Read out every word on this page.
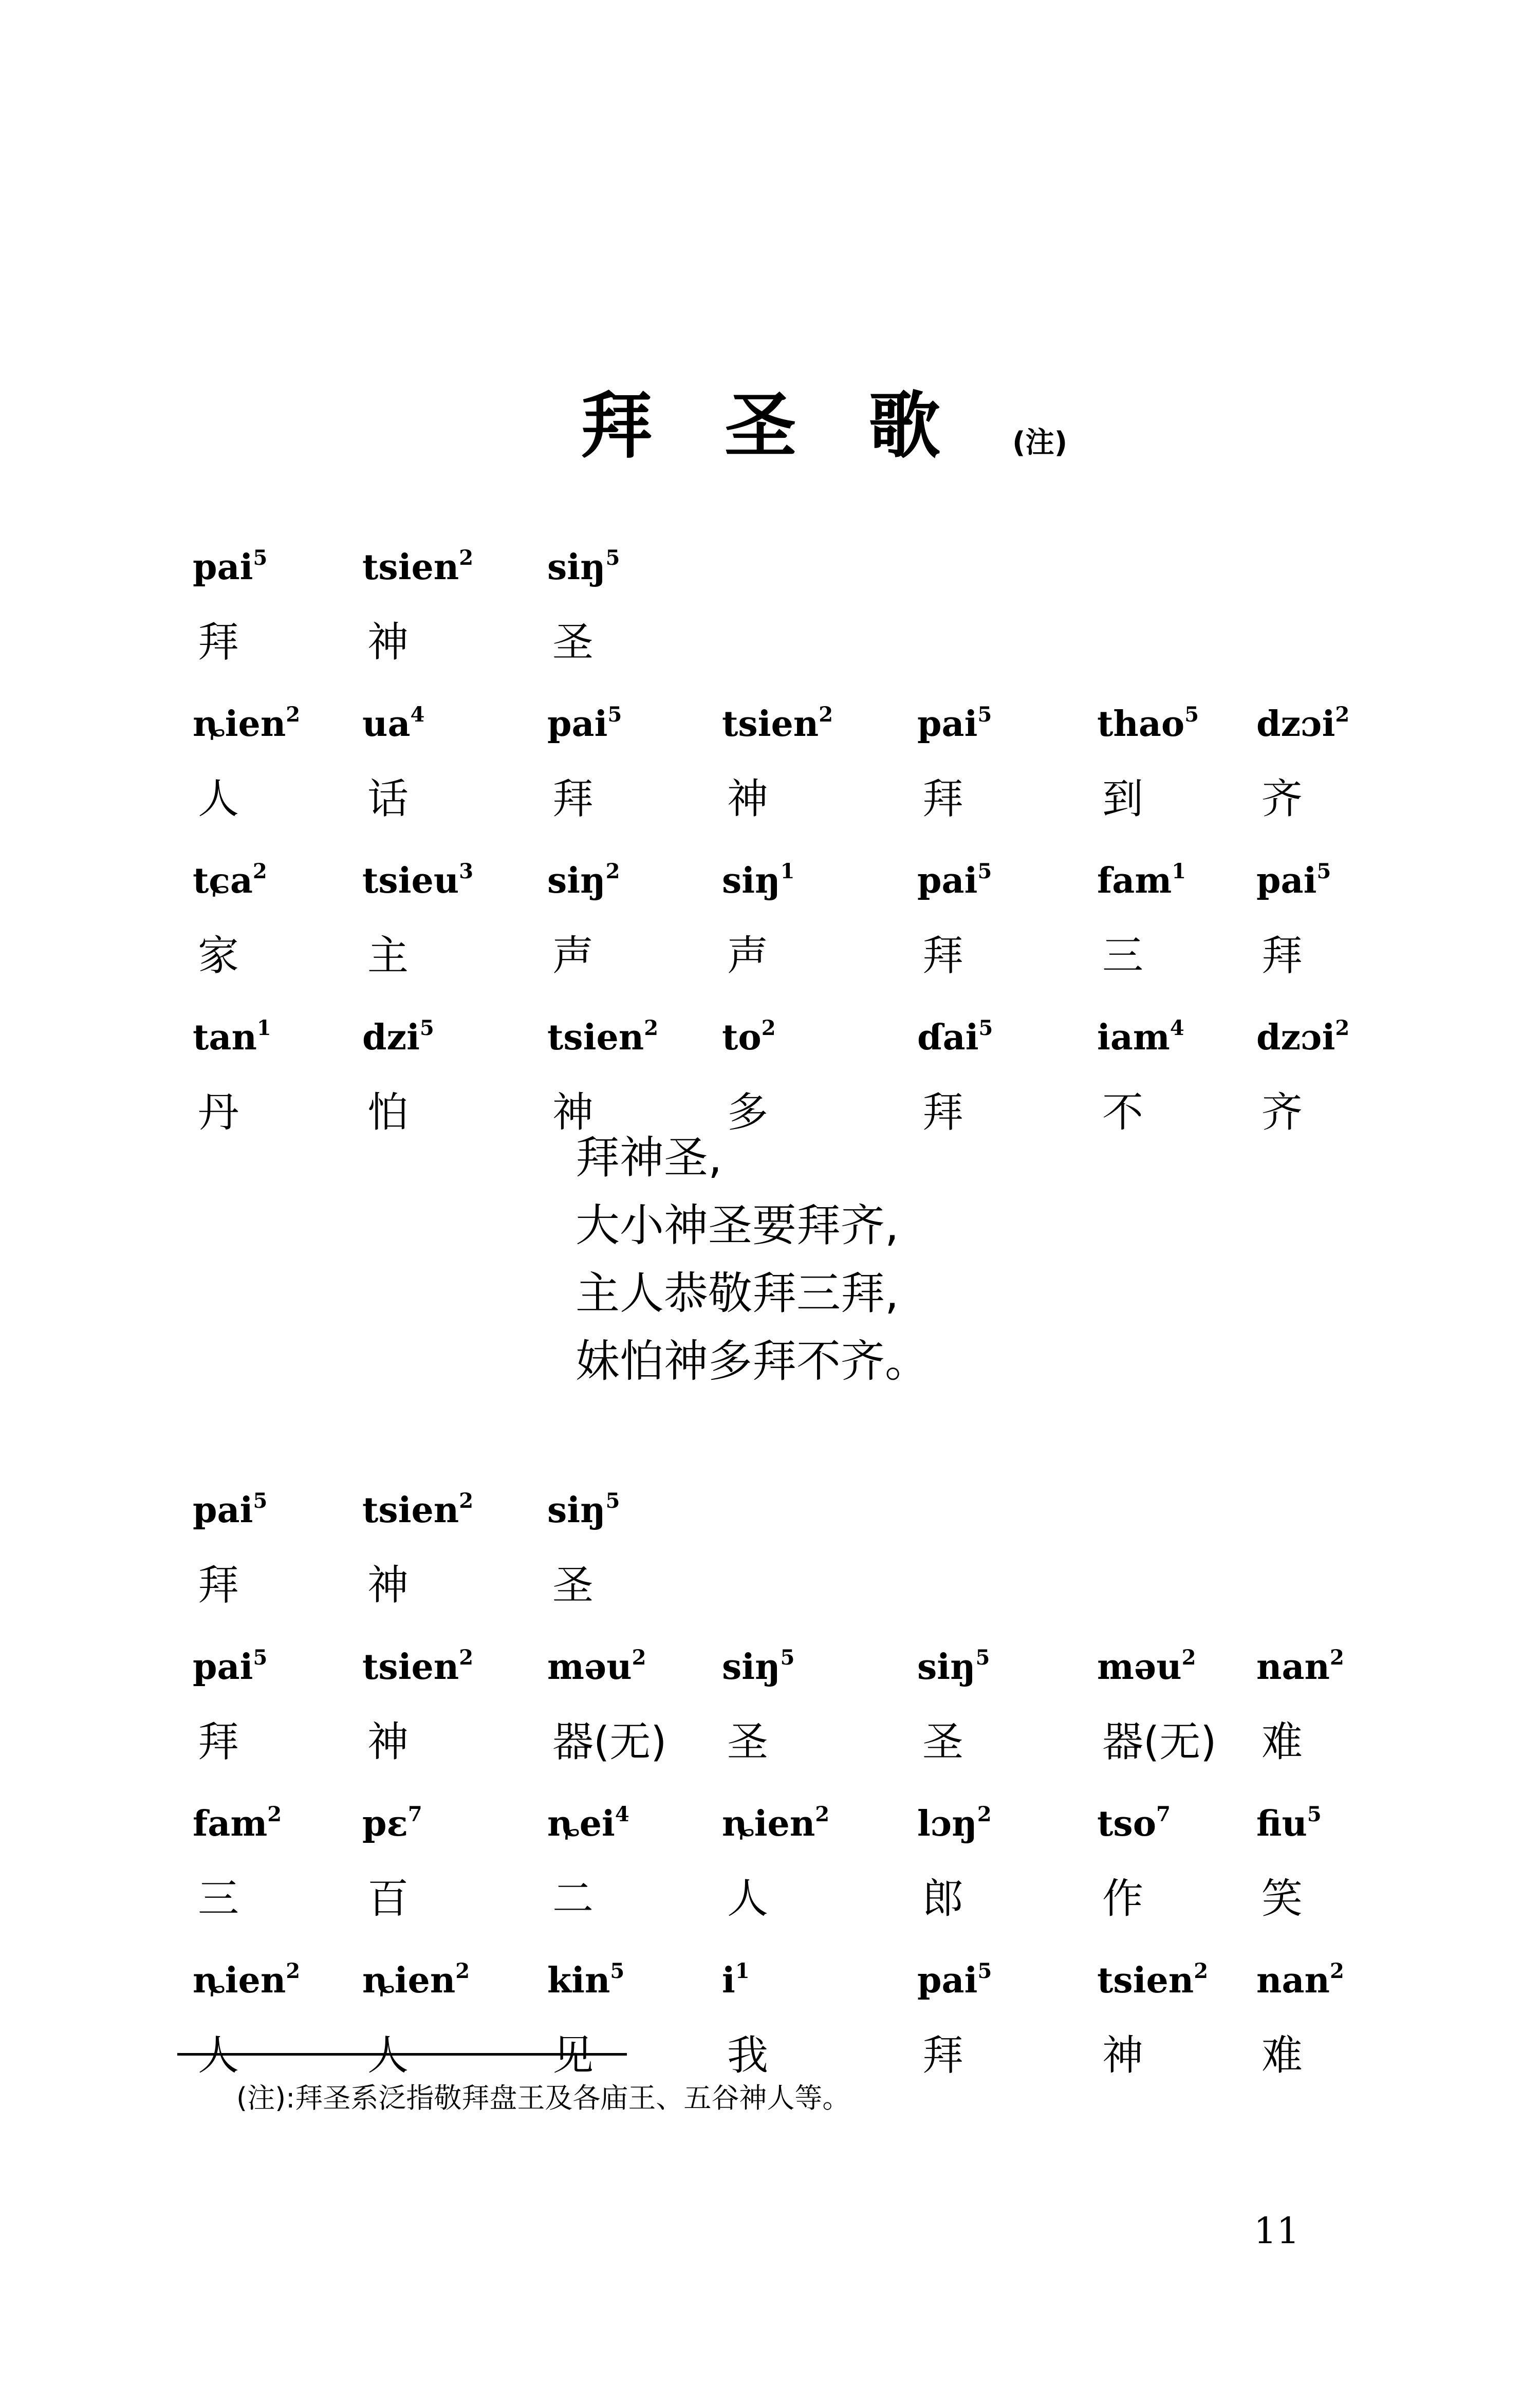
拜 圣 歌	(注)
pai$^5$
拜
tsien$^2$
神
siŋ$^5$
圣
ȵien$^2$
人
$ua^4$
话
pai$^5$
拜
tsien$^2$
神
pai$^5$
拜
thao$^5$
到
dzɔi$^2$
齐
tɕa$^2$
家
tsieu$^3$
主
siŋ$^2$
声
siŋ$^1$
声
pai$^5$
拜
fam$^1$
三
pai$^5$
拜
$\tan^1$
丹
dzi$^5$
怕
tsien$^2$
神
$to^2$
多
ɗai$^5$
拜
iam$^4$
不
dzɔi$^2$
齐
拜神圣,
大小神圣要拜齐,
主人恭敬拜三拜,
妹怕神多拜不齐。
pai$^5$
拜
tsien$^2$
神
siŋ$^5$
圣
pai$^5$
拜
tsien$^2$
神
məu$^2$
器(无)
siŋ$^5$
圣
siŋ$^5$
圣
məu$^2$
器(无)
nan$^2$
难
fam$^2$
三
pɛ$^7$
百
ȵei$^4$
二
ȵien$^2$
人
lɔŋ$^2$
郎
tso$^7$
作
fiu$^5$
笑
ȵien$^2$
人
ȵien$^2$
人
kin$^5$
见
$i^1$
我
pai$^5$
拜
tsien$^2$
神
nan$^2$
难
(注):拜圣系泛指敬拜盘王及各庙王、五谷神人等。
11
